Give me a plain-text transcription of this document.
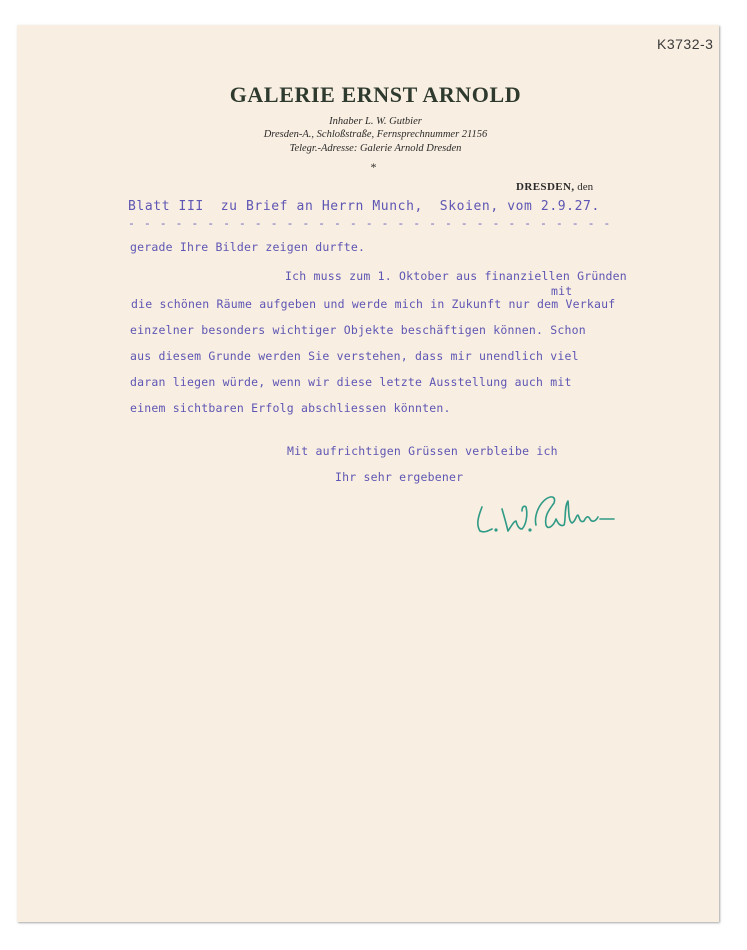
K3732-3
GALERIE ERNST ARNOLD
Inhaber L. W. Gutbier
Dresden-A., Schloßstraße, Fernsprechnummer 21156
Telegr.-Adresse: Galerie Arnold Dresden
*
DRESDEN, den
Blatt III  zu Brief an Herrn Munch,  Skoien, vom 2.9.27.
- - - - - - - - - - - - - - - - - - - - - - - - - - - - - - -
gerade Ihre Bilder zeigen durfte.
Ich muss zum 1. Oktober aus finanziellen Gründen
mit
die schönen Räume aufgeben und werde mich in Zukunft nur dem Verkauf
einzelner besonders wichtiger Objekte beschäftigen können. Schon
aus diesem Grunde werden Sie verstehen, dass mir unendlich viel
daran liegen würde, wenn wir diese letzte Ausstellung auch mit
einem sichtbaren Erfolg abschliessen könnten.
Mit aufrichtigen Grüssen verbleibe ich
Ihr sehr ergebener
